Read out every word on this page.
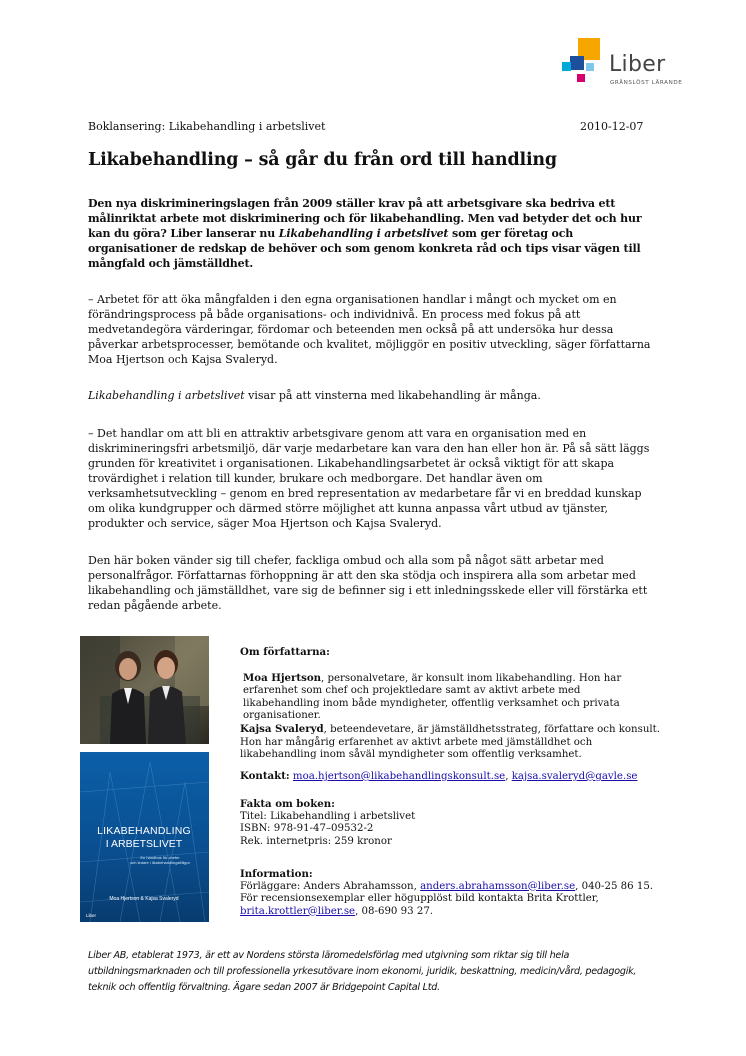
Liber
GRÄNSLÖST LÄRANDE
Boklansering: Likabehandling i arbetslivet	2010-12-07
Likabehandling – så går du från ord till handling

Den nya diskrimineringslagen från 2009 ställer krav på att arbetsgivare ska bedriva ett målinriktat arbete mot diskriminering och för likabehandling. Men vad betyder det och hur kan du göra? Liber lanserar nu Likabehandling i arbetslivet som ger företag och organisationer de redskap de behöver och som genom konkreta råd och tips visar vägen till mångfald och jämställdhet.

– Arbetet för att öka mångfalden i den egna organisationen handlar i mångt och mycket om en förändringsprocess på både organisations- och individnivå. En process med fokus på att medvetandegöra värderingar, fördomar och beteenden men också på att undersöka hur dessa påverkar arbetsprocesser, bemötande och kvalitet, möjliggör en positiv utveckling, säger författarna Moa Hjertson och Kajsa Svaleryd.

Likabehandling i arbetslivet visar på att vinsterna med likabehandling är många.

– Det handlar om att bli en attraktiv arbetsgivare genom att vara en organisation med en diskrimineringsfri arbetsmiljö, där varje medarbetare kan vara den han eller hon är. På så sätt läggs grunden för kreativitet i organisationen. Likabehandlingsarbetet är också viktigt för att skapa trovärdighet i relation till kunder, brukare och medborgare. Det handlar även om verksamhetsutveckling – genom en bred representation av medarbetare får vi en breddad kunskap om olika kundgrupper och därmed större möjlighet att kunna anpassa vårt utbud av tjänster, produkter och service, säger Moa Hjertson och Kajsa Svaleryd.

Den här boken vänder sig till chefer, fackliga ombud och alla som på något sätt arbetar med personalfrågor. Författarnas förhoppning är att den ska stödja och inspirera alla som arbetar med likabehandling och jämställdhet, vare sig de befinner sig i ett inledningsskede eller vill förstärka ett redan pågående arbete.

LIKABEHANDLING
I ARBETSLIVET
En handbok för chefer
och ledare i likabehandlingsfrågor
Moa Hjertson & Kajsa Svaleryd
Liber
Om författarna:
Moa Hjertson, personalvetare, är konsult inom likabehandling. Hon har erfarenhet som chef och projektledare samt av aktivt arbete med likabehandling inom både myndigheter, offentlig verksamhet och privata organisationer.
Kajsa Svaleryd, beteendevetare, är jämställdhetsstrateg, författare och konsult. Hon har mångårig erfarenhet av aktivt arbete med jämställdhet och likabehandling inom såväl myndigheter som offentlig verksamhet.
Kontakt: moa.hjertson@likabehandlingskonsult.se, kajsa.svaleryd@gavle.se
Fakta om boken:
Titel: Likabehandling i arbetslivet
ISBN: 978-91-47–09532-2
Rek. internetpris: 259 kronor
Information:
Förläggare: Anders Abrahamsson, anders.abrahamsson@liber.se, 040-25 86 15.
För recensionsexemplar eller högupplöst bild kontakta Brita Krottler,
brita.krottler@liber.se, 08-690 93 27.
Liber AB, etablerat 1973, är ett av Nordens största läromedelsförlag med utgivning som riktar sig till hela utbildningsmarknaden och till professionella yrkesutövare inom ekonomi, juridik, beskattning, medicin/vård, pedagogik, teknik och offentlig förvaltning. Ägare sedan 2007 är Bridgepoint Capital Ltd.
